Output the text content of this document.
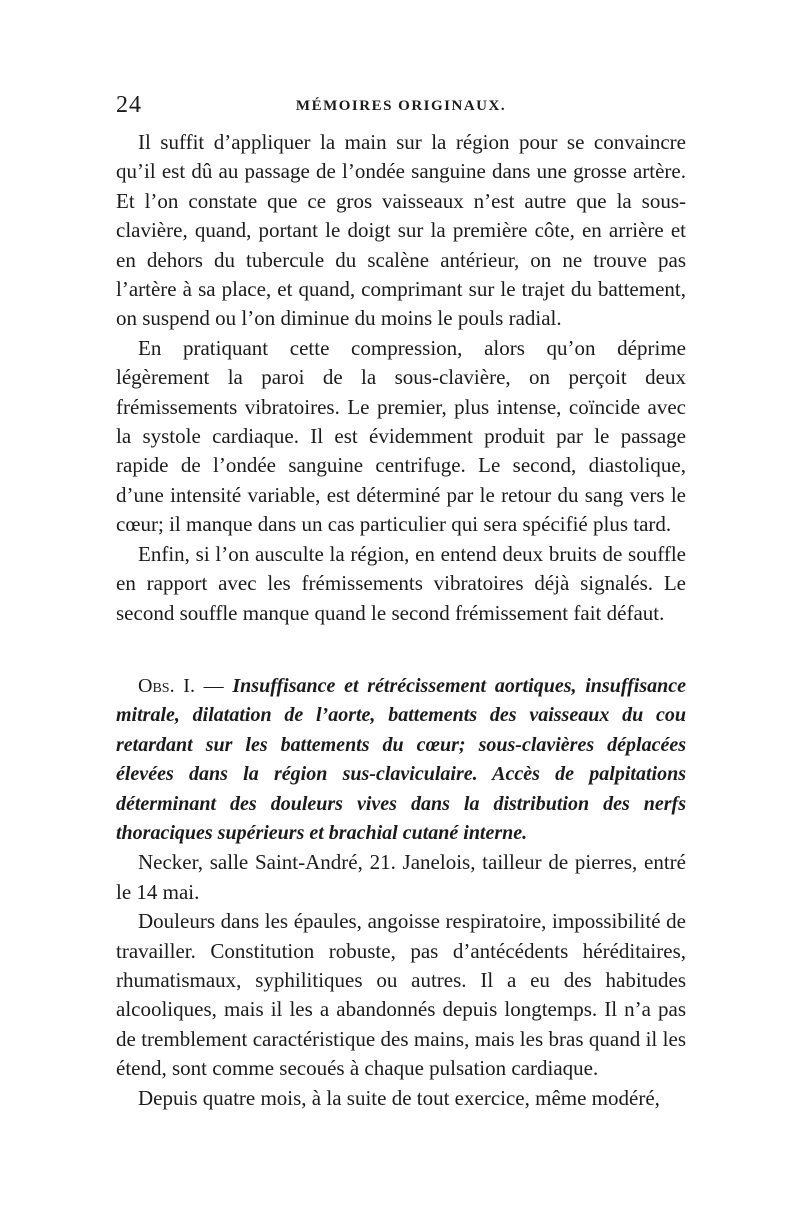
24	MÉMOIRES ORIGINAUX.

Il suffit d’appliquer la main sur la région pour se convaincre qu’il est dû au passage de l’ondée sanguine dans une grosse artère. Et l’on constate que ce gros vaisseaux n’est autre que la sous-clavière, quand, portant le doigt sur la première côte, en arrière et en dehors du tubercule du scalène antérieur, on ne trouve pas l’artère à sa place, et quand, comprimant sur le trajet du battement, on suspend ou l’on diminue du moins le pouls radial.

En pratiquant cette compression, alors qu’on déprime légèrement la paroi de la sous-clavière, on perçoit deux frémissements vibratoires. Le premier, plus intense, coïncide avec la systole cardiaque. Il est évidemment produit par le passage rapide de l’ondée sanguine centrifuge. Le second, diastolique, d’une intensité variable, est déterminé par le retour du sang vers le cœur; il manque dans un cas particulier qui sera spécifié plus tard.

Enfin, si l’on ausculte la région, en entend deux bruits de souffle en rapport avec les frémissements vibratoires déjà signalés. Le second souffle manque quand le second frémissement fait défaut.

Obs. I. — Insuffisance et rétrécissement aortiques, insuffisance mitrale, dilatation de l’aorte, battements des vaisseaux du cou retardant sur les battements du cœur; sous-clavières déplacées élevées dans la région sus-claviculaire. Accès de palpitations déterminant des douleurs vives dans la distribution des nerfs thoraciques supérieurs et brachial cutané interne.

Necker, salle Saint-André, 21. Janelois, tailleur de pierres, entré le 14 mai.

Douleurs dans les épaules, angoisse respiratoire, impossibilité de travailler. Constitution robuste, pas d’antécédents héréditaires, rhumatismaux, syphilitiques ou autres. Il a eu des habitudes alcooliques, mais il les a abandonnés depuis longtemps. Il n’a pas de tremblement caractéristique des mains, mais les bras quand il les étend, sont comme secoués à chaque pulsation cardiaque.

Depuis quatre mois, à la suite de tout exercice, même modéré,
